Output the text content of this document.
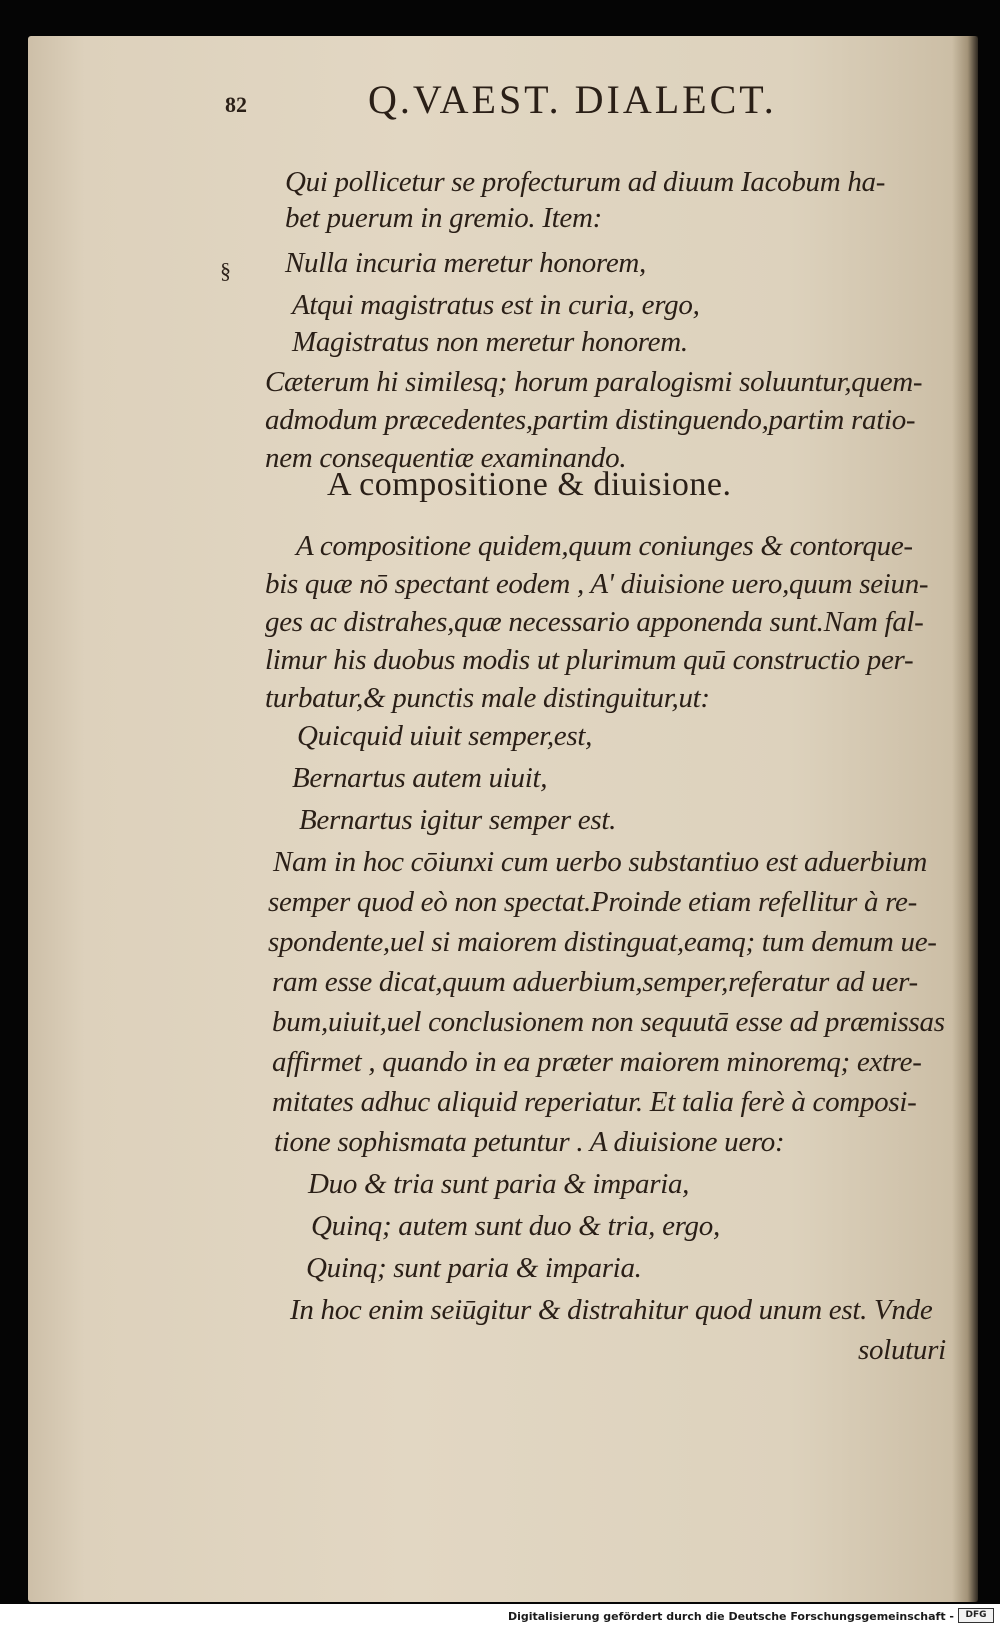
82	Q.VAEST. DIALECT.
§
Qui pollicetur se profecturum ad diuum Iacobum ha-
bet puerum in gremio. Item:
Nulla incuria meretur honorem,
Atqui magistratus est in curia, ergo,
Magistratus non meretur honorem.
Cæterum hi similesq; horum paralogismi soluuntur,quem-
admodum præcedentes,partim distinguendo,partim ratio-
nem consequentiæ examinando.
A compositione & diuisione.
A compositione quidem,quum coniunges & contorque-
bis quæ nō spectant eodem , A' diuisione uero,quum seiun-
ges ac distrahes,quæ necessario apponenda sunt.Nam fal-
limur his duobus modis ut plurimum quū constructio per-
turbatur,& punctis male distinguitur,ut:
Quicquid uiuit semper,est,
Bernartus autem uiuit,
Bernartus igitur semper est.
Nam in hoc cōiunxi cum uerbo substantiuo est aduerbium
semper quod eò non spectat.Proinde etiam refellitur à re-
spondente,uel si maiorem distinguat,eamq; tum demum ue-
ram esse dicat,quum aduerbium,semper,referatur ad uer-
bum,uiuit,uel conclusionem non sequutā esse ad præmissas
affirmet , quando in ea præter maiorem minoremq; extre-
mitates adhuc aliquid reperiatur. Et talia ferè à composi-
tione sophismata petuntur . A diuisione uero:
Duo & tria sunt paria & imparia,
Quinq; autem sunt duo & tria, ergo,
Quinq; sunt paria & imparia.
In hoc enim seiūgitur & distrahitur quod unum est. Vnde
soluturi
Digitalisierung gefördert durch die Deutsche Forschungsgemeinschaft -	DFG
